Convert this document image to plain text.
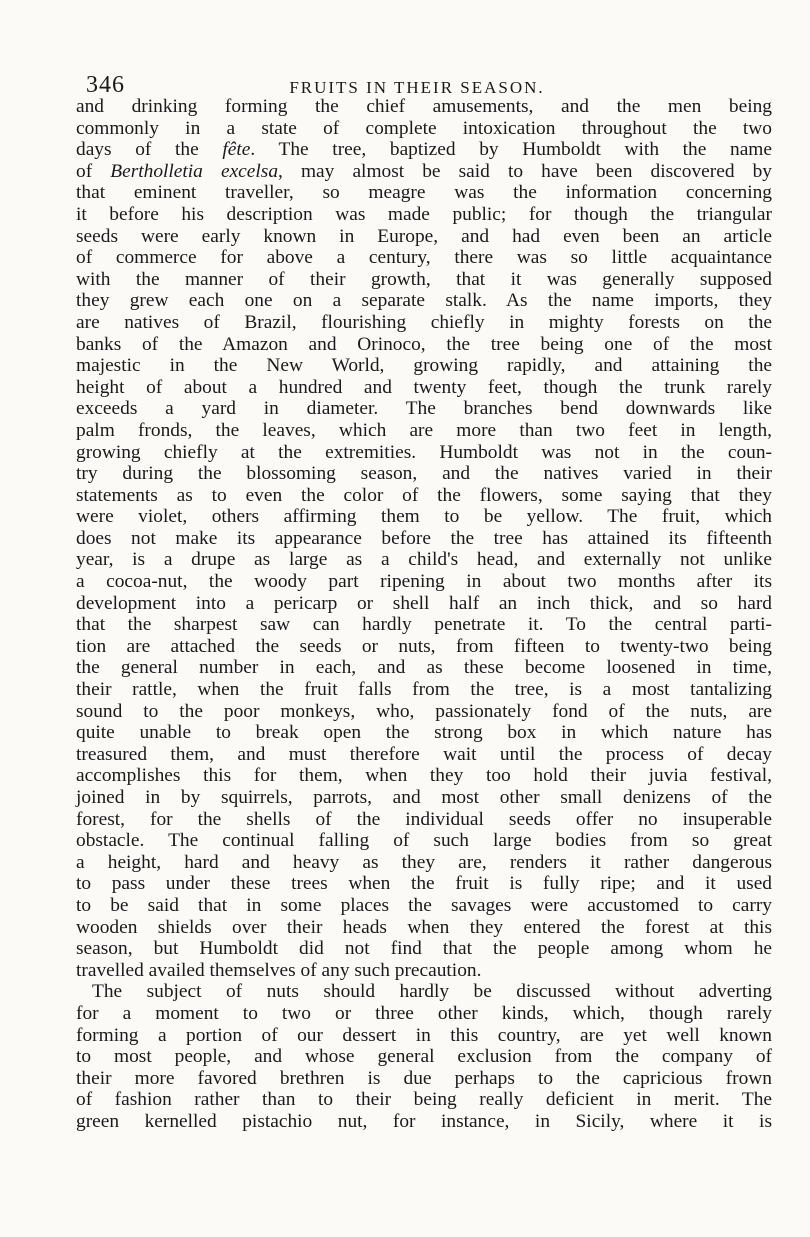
346	FRUITS IN THEIR SEASON.
and drinking forming the chief amusements, and the men being
commonly in a state of complete intoxication throughout the two
days of the fête. The tree, baptized by Humboldt with the name
of Bertholletia excelsa, may almost be said to have been discovered by
that eminent traveller, so meagre was the information concerning
it before his description was made public; for though the triangular
seeds were early known in Europe, and had even been an article
of commerce for above a century, there was so little acquaintance
with the manner of their growth, that it was generally supposed
they grew each one on a separate stalk. As the name imports, they
are natives of Brazil, flourishing chiefly in mighty forests on the
banks of the Amazon and Orinoco, the tree being one of the most
majestic in the New World, growing rapidly, and attaining the
height of about a hundred and twenty feet, though the trunk rarely
exceeds a yard in diameter. The branches bend downwards like
palm fronds, the leaves, which are more than two feet in length,
growing chiefly at the extremities. Humboldt was not in the coun-
try during the blossoming season, and the natives varied in their
statements as to even the color of the flowers, some saying that they
were violet, others affirming them to be yellow. The fruit, which
does not make its appearance before the tree has attained its fifteenth
year, is a drupe as large as a child's head, and externally not unlike
a cocoa-nut, the woody part ripening in about two months after its
development into a pericarp or shell half an inch thick, and so hard
that the sharpest saw can hardly penetrate it. To the central parti-
tion are attached the seeds or nuts, from fifteen to twenty-two being
the general number in each, and as these become loosened in time,
their rattle, when the fruit falls from the tree, is a most tantalizing
sound to the poor monkeys, who, passionately fond of the nuts, are
quite unable to break open the strong box in which nature has
treasured them, and must therefore wait until the process of decay
accomplishes this for them, when they too hold their juvia festival,
joined in by squirrels, parrots, and most other small denizens of the
forest, for the shells of the individual seeds offer no insuperable
obstacle. The continual falling of such large bodies from so great
a height, hard and heavy as they are, renders it rather dangerous
to pass under these trees when the fruit is fully ripe; and it used
to be said that in some places the savages were accustomed to carry
wooden shields over their heads when they entered the forest at this
season, but Humboldt did not find that the people among whom he
travelled availed themselves of any such precaution.
The subject of nuts should hardly be discussed without adverting
for a moment to two or three other kinds, which, though rarely
forming a portion of our dessert in this country, are yet well known
to most people, and whose general exclusion from the company of
their more favored brethren is due perhaps to the capricious frown
of fashion rather than to their being really deficient in merit. The
green kernelled pistachio nut, for instance, in Sicily, where it is
